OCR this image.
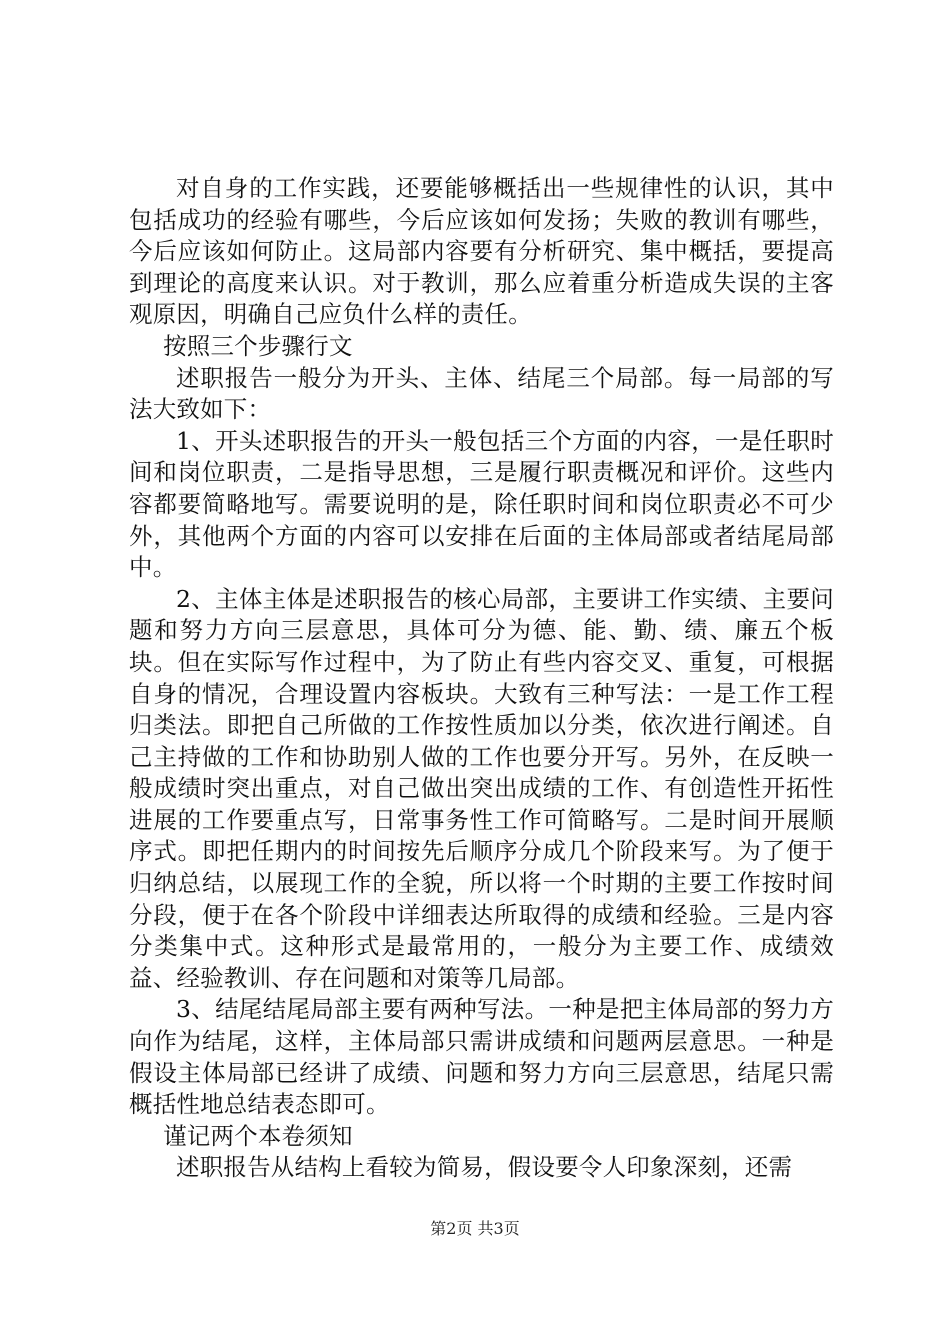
对自身的工作实践，还要能够概括出一些规律性的认识，其中包括成功的经验有哪些，今后应该如何发扬；失败的教训有哪些，今后应该如何防止。这局部内容要有分析研究、集中概括，要提高到理论的高度来认识。对于教训，那么应着重分析造成失误的主客观原因，明确自己应负什么样的责任。

按照三个步骤行文

述职报告一般分为开头、主体、结尾三个局部。每一局部的写法大致如下：

1、开头述职报告的开头一般包括三个方面的内容，一是任职时间和岗位职责，二是指导思想，三是履行职责概况和评价。这些内容都要简略地写。需要说明的是，除任职时间和岗位职责必不可少外，其他两个方面的内容可以安排在后面的主体局部或者结尾局部中。

2、主体主体是述职报告的核心局部，主要讲工作实绩、主要问题和努力方向三层意思，具体可分为德、能、勤、绩、廉五个板块。但在实际写作过程中，为了防止有些内容交叉、重复，可根据自身的情况，合理设置内容板块。大致有三种写法：一是工作工程归类法。即把自己所做的工作按性质加以分类，依次进行阐述。自己主持做的工作和协助别人做的工作也要分开写。另外，在反映一般成绩时突出重点，对自己做出突出成绩的工作、有创造性开拓性进展的工作要重点写，日常事务性工作可简略写。二是时间开展顺序式。即把任期内的时间按先后顺序分成几个阶段来写。为了便于归纳总结，以展现工作的全貌，所以将一个时期的主要工作按时间分段，便于在各个阶段中详细表达所取得的成绩和经验。三是内容分类集中式。这种形式是最常用的，一般分为主要工作、成绩效益、经验教训、存在问题和对策等几局部。

3、结尾结尾局部主要有两种写法。一种是把主体局部的努力方向作为结尾，这样，主体局部只需讲成绩和问题两层意思。一种是假设主体局部已经讲了成绩、问题和努力方向三层意思，结尾只需概括性地总结表态即可。

谨记两个本卷须知

述职报告从结构上看较为简易，假设要令人印象深刻，还需

第2页 共3页
